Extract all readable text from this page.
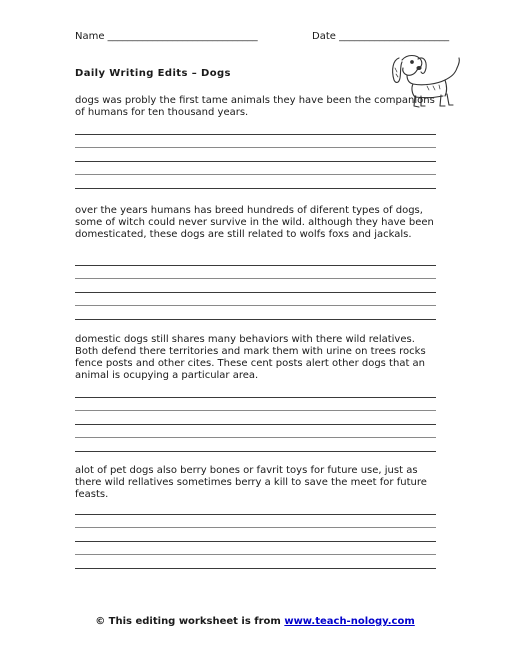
Name ______________________________	Date ______________________
Daily Writing Edits – Dogs

dogs was probly the first tame animals they have been the companions of humans for ten thousand years.

over the years humans has breed hundreds of diferent types of dogs, some of witch could never survive in the wild. although they have been domesticated, these dogs are still related to wolfs foxs and jackals.

domestic dogs still shares many behaviors with there wild relatives. Both defend there territories and mark them with urine on trees rocks fence posts and other cites. These cent posts alert other dogs that an animal is ocupying a particular area.

alot of pet dogs also berry bones or favrit toys for future use, just as there wild rellatives sometimes berry a kill to save the meet for future feasts.

© This editing worksheet is from www.teach-nology.com
